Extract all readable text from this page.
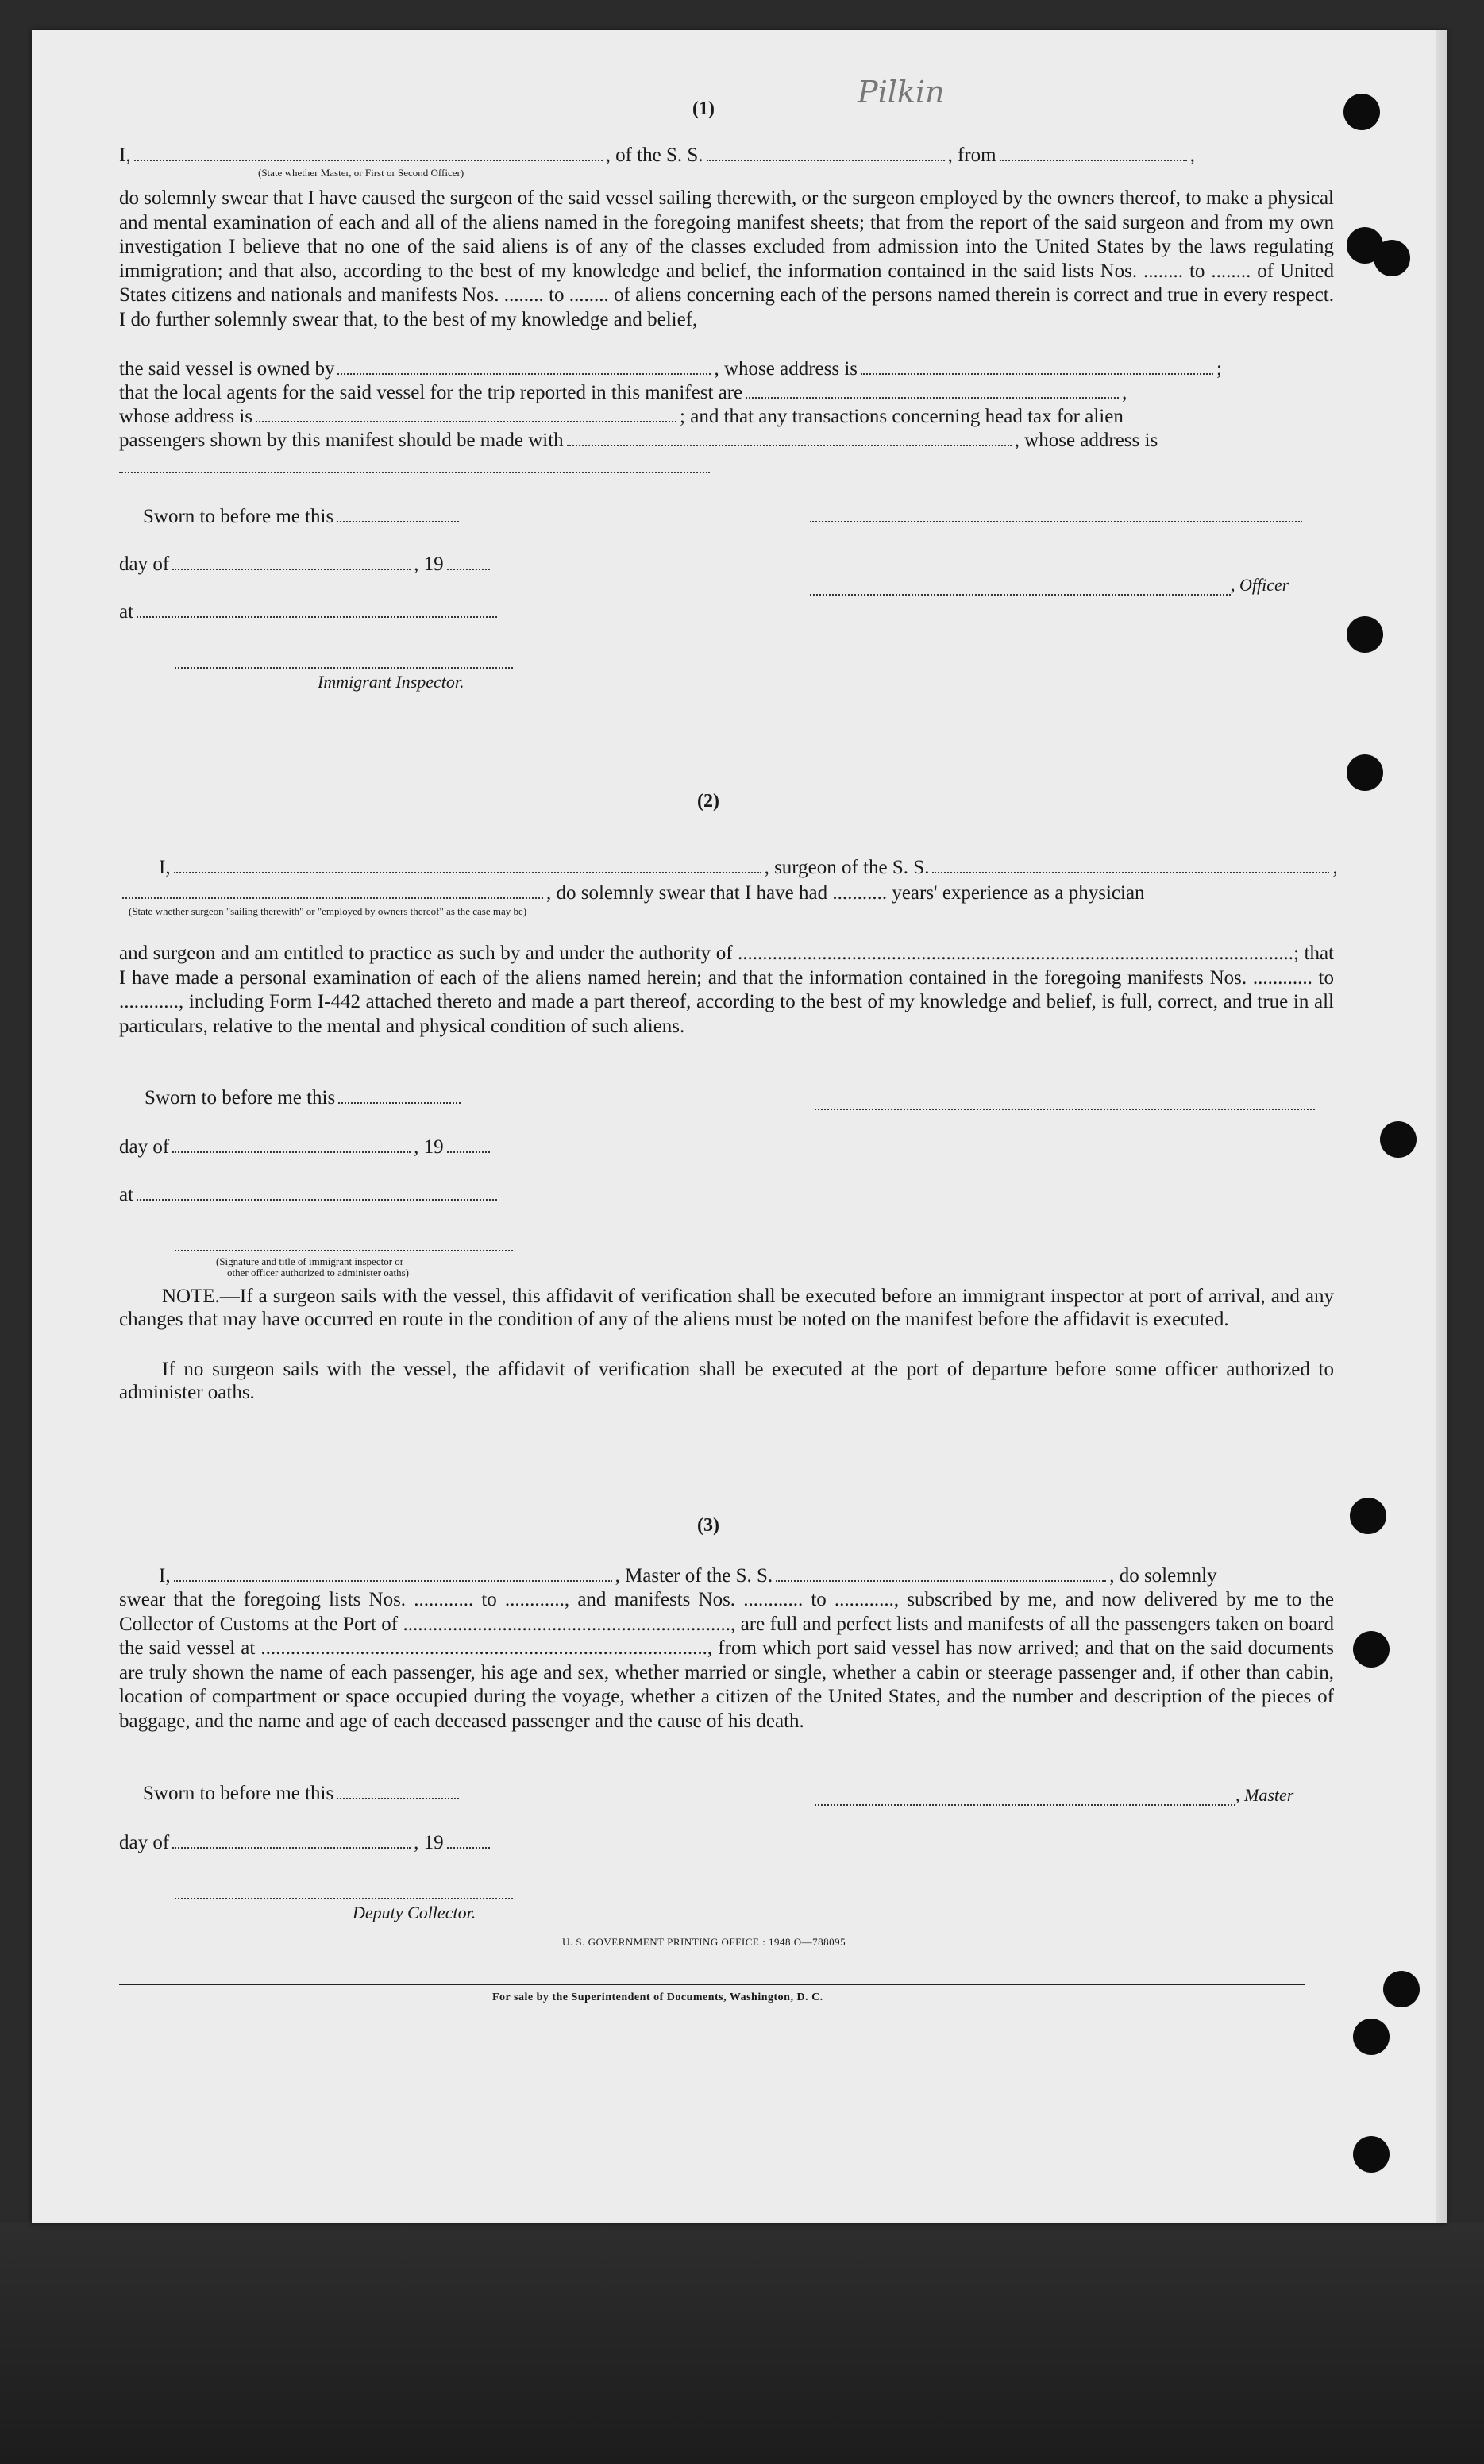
Pilkin
(1)
I,	, of the S. S.	, from	,
(State whether Master, or First or Second Officer)
do solemnly swear that I have caused the surgeon of the said vessel sailing therewith, or the surgeon employed by the owners thereof, to make a physical and mental examination of each and all of the aliens named in the foregoing manifest sheets; that from the report of the said surgeon and from my own investigation I believe that no one of the said aliens is of any of the classes excluded from admission into the United States by the laws regulating immigration; and that also, according to the best of my knowledge and belief, the information contained in the said lists Nos. ........ to ........ of United States citizens and nationals and manifests Nos. ........ to ........ of aliens concerning each of the persons named therein is correct and true in every respect. I do further solemnly swear that, to the best of my knowledge and belief,
the said vessel is owned by	, whose address is	;
that the local agents for the said vessel for the trip reported in this manifest are	,
whose address is	; and that any transactions concerning head tax for alien
passengers shown by this manifest should be made with	, whose address is
Sworn to before me this
day of	, 19
, Officer
at
Immigrant Inspector.
(2)
I,	, surgeon of the S. S.	,
, do solemnly swear that I have had ........... years' experience as a physician
(State whether surgeon "sailing therewith" or "employed by owners thereof" as the case may be)
and surgeon and am entitled to practice as such by and under the authority of ................................................................................................................; that I have made a personal examination of each of the aliens named herein; and that the information contained in the foregoing manifests Nos. ............ to ............, including Form I-442 attached thereto and made a part thereof, according to the best of my knowledge and belief, is full, correct, and true in all particulars, relative to the mental and physical condition of such aliens.
Sworn to before me this
day of	, 19
at
(Signature and title of immigrant inspector or
other officer authorized to administer oaths)
NOTE.—If a surgeon sails with the vessel, this affidavit of verification shall be executed before an immigrant inspector at port of arrival, and any changes that may have occurred en route in the condition of any of the aliens must be noted on the manifest before the affidavit is executed.
If no surgeon sails with the vessel, the affidavit of verification shall be executed at the port of departure before some officer authorized to administer oaths.
(3)
I,	, Master of the S. S.	, do solemnly
swear that the foregoing lists Nos. ............ to ............, and manifests Nos. ............ to ............, subscribed by me, and now delivered by me to the Collector of Customs at the Port of .................................................................., are full and perfect lists and manifests of all the passengers taken on board the said vessel at .........................................................................................., from which port said vessel has now arrived; and that on the said documents are truly shown the name of each passenger, his age and sex, whether married or single, whether a cabin or steerage passenger and, if other than cabin, location of compartment or space occupied during the voyage, whether a citizen of the United States, and the number and description of the pieces of baggage, and the name and age of each deceased passenger and the cause of his death.
Sworn to before me this	, Master
day of	, 19
Deputy Collector.
U. S. GOVERNMENT PRINTING OFFICE : 1948 O—788095
For sale by the Superintendent of Documents, Washington, D. C.
